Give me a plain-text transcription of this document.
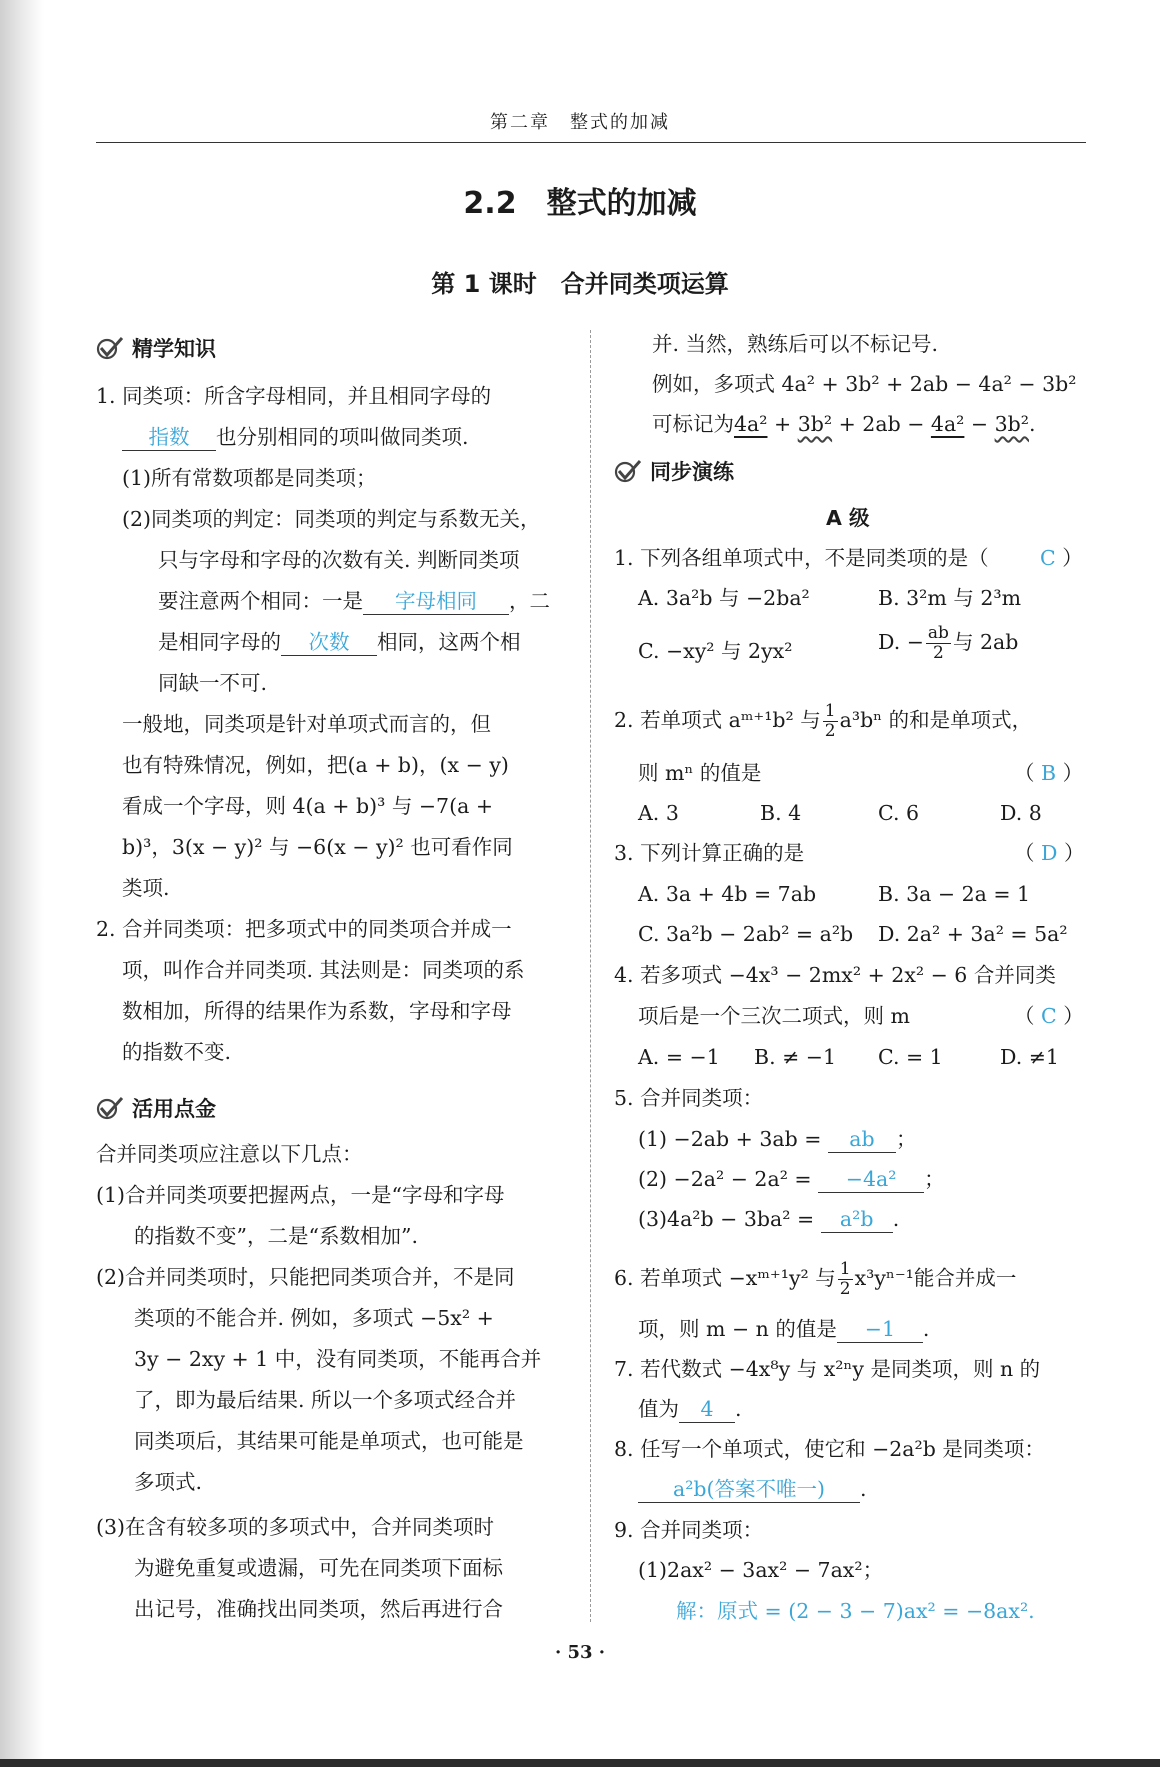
第二章　整式的加减
2.2　整式的加减
第 1 课时　合并同类项运算
精学知识
1. 同类项：所含字母相同，并且相同字母的
指数 也分别相同的项叫做同类项.
(1)所有常数项都是同类项；
(2)同类项的判定：同类项的判定与系数无关，
只与字母和字母的次数有关. 判断同类项
要注意两个相同：一是 字母相同 ，二
是相同字母的 次数 相同，这两个相
同缺一不可.
一般地，同类项是针对单项式而言的，但
也有特殊情况，例如，把(a + b)，(x − y)
看成一个字母，则 4(a + b)³ 与 −7(a +
b)³，3(x − y)² 与 −6(x − y)² 也可看作同
类项.
2. 合并同类项：把多项式中的同类项合并成一
项，叫作合并同类项. 其法则是：同类项的系
数相加，所得的结果作为系数，字母和字母
的指数不变.
活用点金
合并同类项应注意以下几点：
(1)合并同类项要把握两点，一是“字母和字母
的指数不变”，二是“系数相加”.
(2)合并同类项时，只能把同类项合并，不是同
类项的不能合并. 例如，多项式 −5x² +
3y − 2xy + 1 中，没有同类项，不能再合并
了，即为最后结果. 所以一个多项式经合并
同类项后，其结果可能是单项式，也可能是
多项式.
(3)在含有较多项的多项式中，合并同类项时
为避免重复或遗漏，可先在同类项下面标
出记号，准确找出同类项，然后再进行合
并. 当然，熟练后可以不标记号.
例如，多项式 4a² + 3b² + 2ab − 4a² − 3b²
可标记为4a² + 3b² + 2ab − 4a² − 3b².
同步演练
A 级
1. 下列各组单项式中，不是同类项的是（	C ）
A. 3a²b 与 −2ba²	B. 3²m 与 2³m
C. −xy² 与 2yx²	D. − $\frac{ab}{2}$ 与 2ab
2. 若单项式 aᵐ⁺¹b² 与 $\frac{1}{2} a^3b^n$ 的和是单项式，
则 mⁿ 的值是	（ B ）
A. 3	B. 4	C. 6	D. 8
3. 下列计算正确的是	（ D ）
A. 3a + 4b = 7ab	B. 3a − 2a = 1
C. 3a²b − 2ab² = a²b D. 2a² + 3a² = 5a²
4. 若多项式 −4x³ − 2mx² + 2x² − 6 合并同类
项后是一个三次二项式，则 m	（ C ）
A. = −1 B. ≠ −1 C. = 1	D. ≠1
5. 合并同类项：
(1) −2ab + 3ab = ab ；
(2) −2a² − 2a² = −4a² ；
(3)4a²b − 3ba² = a²b .
6. 若单项式 −xᵐ⁺¹y² 与 $\frac{1}{2} x^3y^{n-1}$能合并成一
项，则 m − n 的值是 −1 .
7. 若代数式 −4x⁸y 与 x²ⁿy 是同类项，则 n 的
值为 4 .
8. 任写一个单项式，使它和 −2a²b 是同类项：
a²b(答案不唯一) .
9. 合并同类项：
(1)2ax² − 3ax² − 7ax²；
解：原式 = (2 − 3 − 7)ax² = −8ax².
· 53 ·
